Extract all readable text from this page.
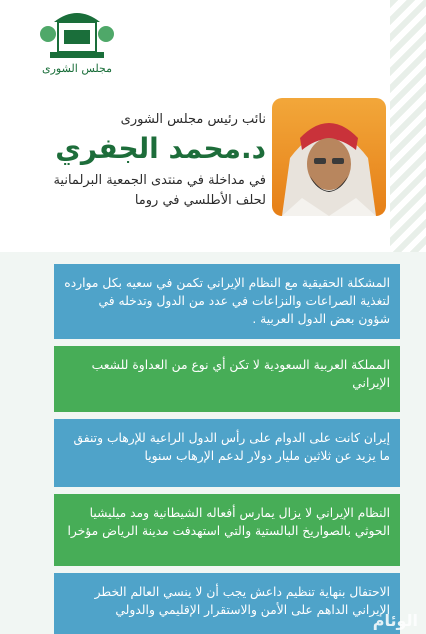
مجلس الشورى
نائب رئيس مجلس الشورى
د.محمد الجفري
في مداخلة في منتدى الجمعية البرلمانية
لحلف الأطلسي في روما
المشكلة الحقيقية مع النظام الإيراني تكمن في سعيه بكل موارده لتغذية الصراعات والنزاعات في عدد من الدول وتدخله في شؤون بعض الدول العربية .
المملكة العربية السعودية لا تكن أي نوع من العداوة للشعب الإيراني
إيران كانت على الدوام على رأس الدول الراعية للإرهاب وتنفق ما يزيد عن ثلاثين مليار دولار لدعم الإرهاب سنويا
النظام الإيراني لا يزال يمارس أفعاله الشيطانية ومد ميليشيا الحوثي بالصواريخ البالستية والتي استهدفت مدينة الرياض مؤخرا
الاحتفال بنهاية تنظيم داعش يجب أن لا ينسي العالم الخطر الإيراني الداهم على الأمن والاستقرار الإقليمي والدولي
الوئام
